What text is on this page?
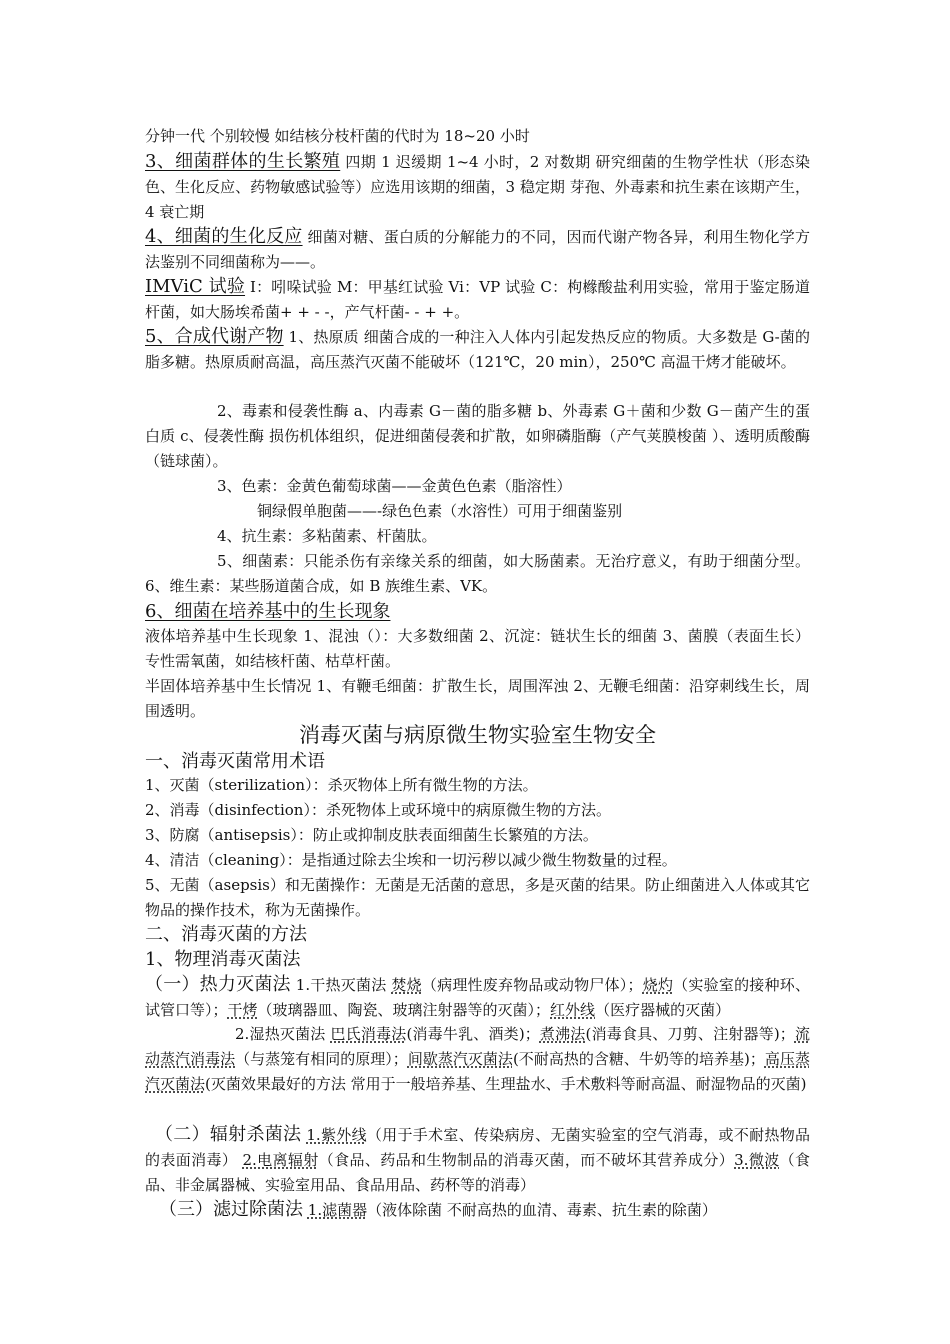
分钟一代 个别较慢 如结核分枝杆菌的代时为 18~20 小时

3、细菌群体的生长繁殖 四期 1 迟缓期 1~4 小时，2 对数期 研究细菌的生物学性状（形态染色、生化反应、药物敏感试验等）应选用该期的细菌，3 稳定期 芽孢、外毒素和抗生素在该期产生，4 衰亡期

4、细菌的生化反应 细菌对糖、蛋白质的分解能力的不同，因而代谢产物各异，利用生物化学方法鉴别不同细菌称为——。

IMViC 试验 I：吲哚试验 M：甲基红试验 Vi：VP 试验 C：枸橼酸盐利用实验，常用于鉴定肠道杆菌，如大肠埃希菌+ + - -，产气杆菌- - + +。

5、合成代谢产物 1、热原质 细菌合成的一种注入人体内引起发热反应的物质。大多数是 G-菌的脂多糖。热原质耐高温，高压蒸汽灭菌不能破坏（121℃，20 min），250℃ 高温干烤才能破坏。

2、毒素和侵袭性酶 a、内毒素 G－菌的脂多糖 b、外毒素 G＋菌和少数 G－菌产生的蛋白质 c、侵袭性酶 损伤机体组织，促进细菌侵袭和扩散，如卵磷脂酶（产气荚膜梭菌 ）、透明质酸酶（链球菌）。

3、色素：金黄色葡萄球菌——金黄色色素（脂溶性）

铜绿假单胞菌——-绿色色素（水溶性）可用于细菌鉴别

4、抗生素：多粘菌素、杆菌肽。

5、细菌素：只能杀伤有亲缘关系的细菌，如大肠菌素。无治疗意义，有助于细菌分型。 6、维生素：某些肠道菌合成，如 B 族维生素、VK。

6、细菌在培养基中的生长现象

液体培养基中生长现象 1、混浊（）：大多数细菌 2、沉淀：链状生长的细菌 3、菌膜（表面生长）专性需氧菌，如结核杆菌、枯草杆菌。

半固体培养基中生长情况 1、有鞭毛细菌：扩散生长，周围浑浊 2、无鞭毛细菌：沿穿刺线生长，周围透明。

消毒灭菌与病原微生物实验室生物安全

一、消毒灭菌常用术语

1、灭菌（sterilization）：杀灭物体上所有微生物的方法。

2、消毒（disinfection）：杀死物体上或环境中的病原微生物的方法。

3、防腐（antisepsis）：防止或抑制皮肤表面细菌生长繁殖的方法。

4、清洁（cleaning）：是指通过除去尘埃和一切污秽以减少微生物数量的过程。

5、无菌（asepsis）和无菌操作：无菌是无活菌的意思，多是灭菌的结果。防止细菌进入人体或其它物品的操作技术，称为无菌操作。

二、消毒灭菌的方法

1、物理消毒灭菌法

（一）热力灭菌法 1.干热灭菌法 焚烧（病理性废弃物品或动物尸体）；烧灼（实验室的接种环、试管口等）；干烤（玻璃器皿、陶瓷、玻璃注射器等的灭菌）；红外线（医疗器械的灭菌）

2.湿热灭菌法 巴氏消毒法(消毒牛乳、酒类)；煮沸法(消毒食具、刀剪、注射器等)；流动蒸汽消毒法（与蒸笼有相同的原理）；间歇蒸汽灭菌法(不耐高热的含糖、牛奶等的培养基)；高压蒸汽灭菌法(灭菌效果最好的方法 常用于一般培养基、生理盐水、手术敷料等耐高温、耐湿物品的灭菌)

（二）辐射杀菌法 1.紫外线（用于手术室、传染病房、无菌实验室的空气消毒，或不耐热物品的表面消毒） 2.电离辐射（食品、药品和生物制品的消毒灭菌，而不破坏其营养成分）3.微波（食品、非金属器械、实验室用品、食品用品、药杯等的消毒）

（三）滤过除菌法 1.滤菌器（液体除菌 不耐高热的血清、毒素、抗生素的除菌）
